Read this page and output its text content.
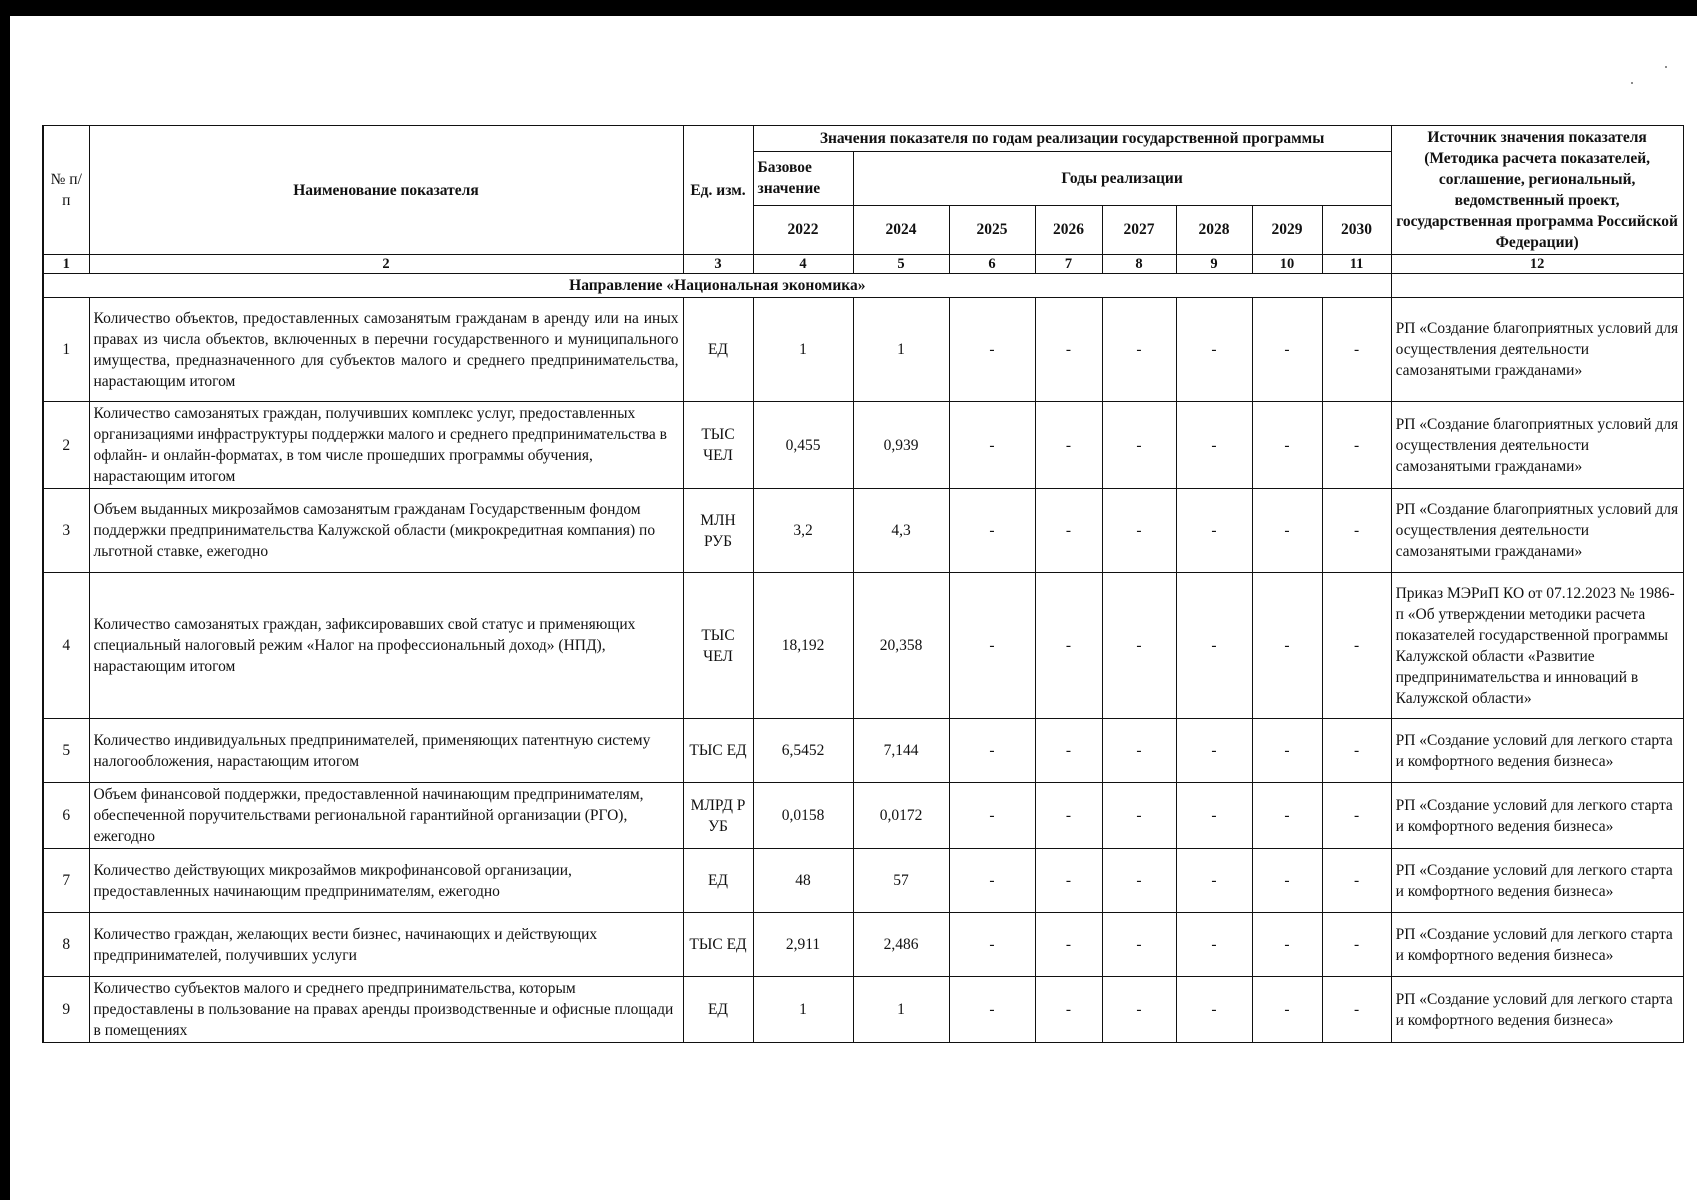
№ п/п	Наименование показателя	Ед. изм.	Значения показателя по годам реализации государственной программы								Источник значения показателя (Методика расчета показателей, соглашение, региональный, ведомственный проект, государственная программа Российской Федерации)
			Базовое значение	Годы реализации							
			2022	2024	2025	2026	2027	2028	2029	2030	
1	2	3	4	5	6	7	8	9	10	11	12
Направление «Национальная экономика»											
1	Количество объектов, предоставленных самозанятым гражданам в аренду или на иных правах из числа объектов, включенных в перечни государственного и муниципального имущества, предназначенного для субъектов малого и среднего предпринимательства, нарастающим итогом	ЕД	1	1	-	-	-	-	-	-	РП «Создание благоприятных условий для осуществления деятельности самозанятыми гражданами»
2	Количество самозанятых граждан, получивших комплекс услуг, предоставленных организациями инфраструктуры поддержки малого и среднего предпринимательства в офлайн- и онлайн-форматах, в том числе прошедших программы обучения, нарастающим итогом	ТЫС ЧЕЛ	0,455	0,939	-	-	-	-	-	-	РП «Создание благоприятных условий для осуществления деятельности самозанятыми гражданами»
3	Объем выданных микрозаймов самозанятым гражданам Государственным фондом поддержки предпринимательства Калужской области (микрокредитная компания) по льготной ставке, ежегодно	МЛН РУБ	3,2	4,3	-	-	-	-	-	-	РП «Создание благоприятных условий для осуществления деятельности самозанятыми гражданами»
4	Количество самозанятых граждан, зафиксировавших свой статус и применяющих специальный налоговый режим «Налог на профессиональный доход» (НПД), нарастающим итогом	ТЫС ЧЕЛ	18,192	20,358	-	-	-	-	-	-	Приказ МЭРиП КО от 07.12.2023 № 1986-п «Об утверждении методики расчета показателей государственной программы Калужской области «Развитие предпринимательства и инноваций в Калужской области»
5	Количество индивидуальных предпринимателей, применяющих патентную систему налогообложения, нарастающим итогом	ТЫС ЕД	6,5452	7,144	-	-	-	-	-	-	РП «Создание условий для легкого старта и комфортного ведения бизнеса»
6	Объем финансовой поддержки, предоставленной начинающим предпринимателям, обеспеченной поручительствами региональной гарантийной организации (РГО), ежегодно	МЛРД РУБ	0,0158	0,0172	-	-	-	-	-	-	РП «Создание условий для легкого старта и комфортного ведения бизнеса»
7	Количество действующих микрозаймов микрофинансовой организации, предоставленных начинающим предпринимателям, ежегодно	ЕД	48	57	-	-	-	-	-	-	РП «Создание условий для легкого старта и комфортного ведения бизнеса»
8	Количество граждан, желающих вести бизнес, начинающих и действующих предпринимателей, получивших услуги	ТЫС ЕД	2,911	2,486	-	-	-	-	-	-	РП «Создание условий для легкого старта и комфортного ведения бизнеса»
9	Количество субъектов малого и среднего предпринимательства, которым предоставлены в пользование на правах аренды производственные и офисные площади в помещениях	ЕД	1	1	-	-	-	-	-	-	РП «Создание условий для легкого старта и комфортного ведения бизнеса»
